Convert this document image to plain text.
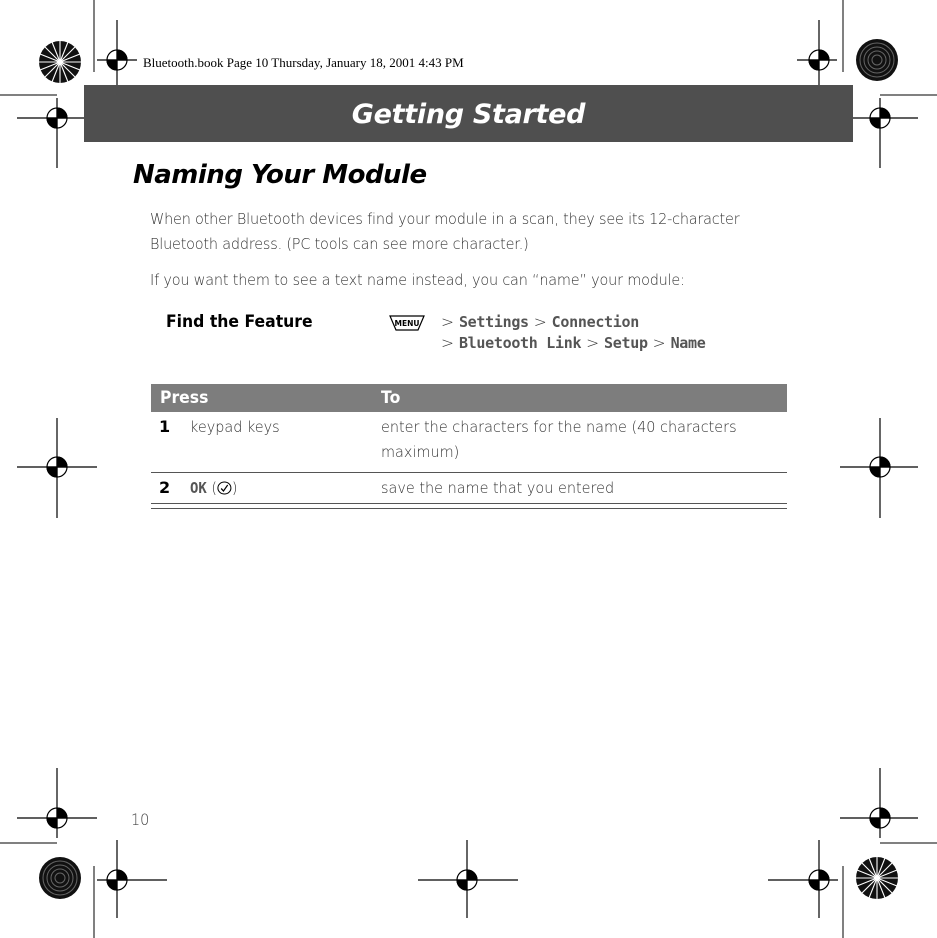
Bluetooth.book Page 10 Thursday, January 18, 2001 4:43 PM
Getting Started
Naming Your Module
When other Bluetooth devices find your module in a scan, they see its 12-character
Bluetooth address. (PC tools can see more character.)
If you want them to see a text name instead, you can “name” your module:
Find the Feature	MENU > Settings > Connection
> Bluetooth Link > Setup > Name
Press	To
1 keypad keys	enter the characters for the name (40 characters
maximum)
2 OK ( )	save the name that you entered
10
